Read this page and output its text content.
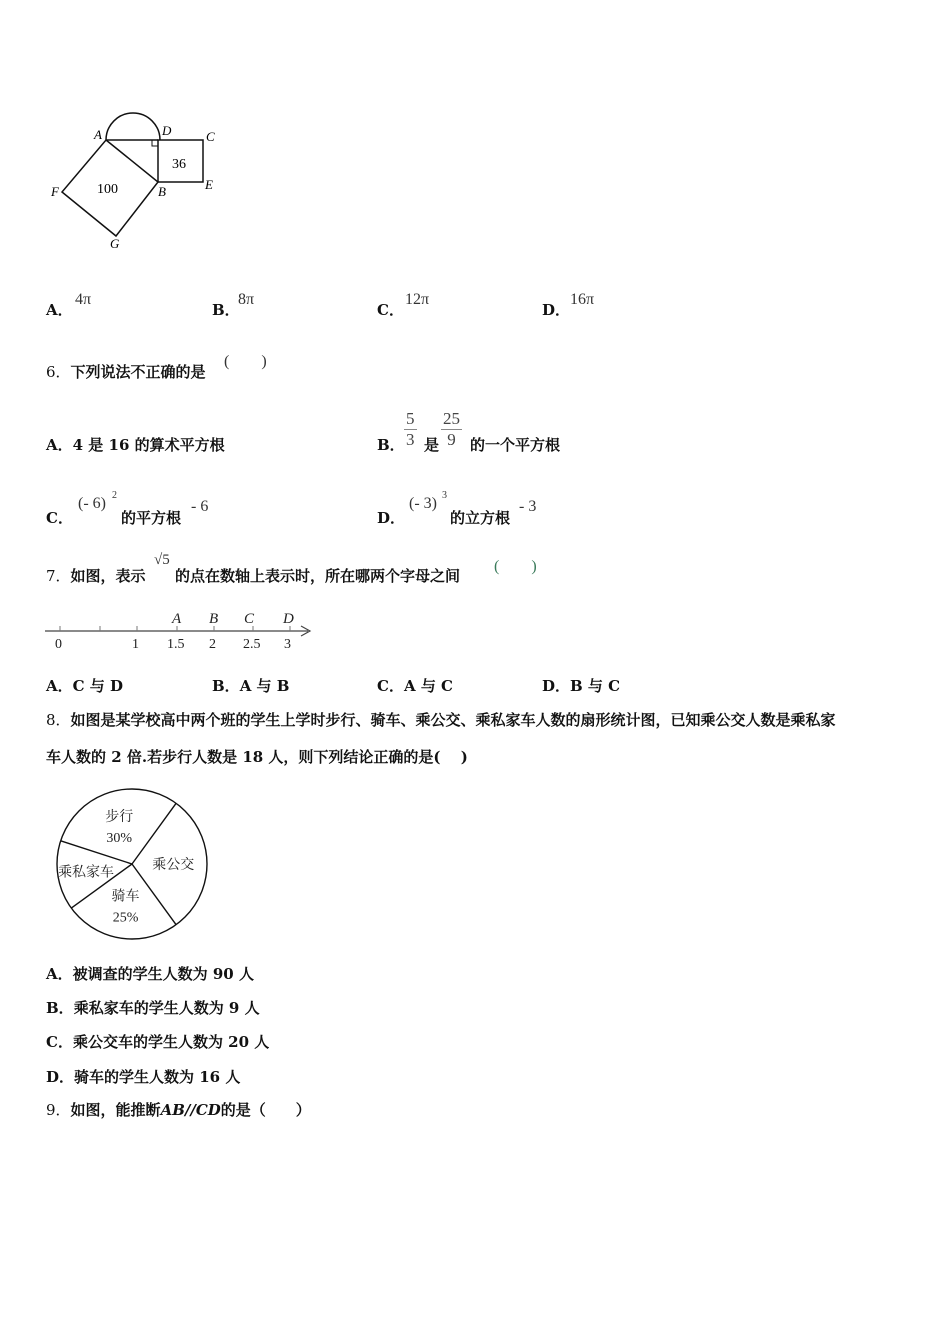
A	D	C
F	B	E
G
100
36
A．
4π
B．
8π
C．
12π
D．
16π
6．下列说法不正确的是
(　　)
A．4 是 16 的算术平方根	B． $\frac{5}{3}$ 是 $\frac{25}{9}$ 的一个平方根
C．
(- 6) 2
的平方根
- 6
D．
(- 3) 3
的立方根
- 3
7．如图，表示
√5
的点在数轴上表示时，所在哪两个字母之间
(　　)
0	1 1.5 2 2.5 3
A B C D
A．C 与 D	B．A 与 B	C．A 与 C	D．B 与 C
8．如图是某学校高中两个班的学生上学时步行、骑车、乘公交、乘私家车人数的扇形统计图，已知乘公交人数是乘私家
车人数的 2 倍.若步行人数是 18 人，则下列结论正确的是(　 )
步行
30%
乘公交
骑车
25%
乘私家车
A．被调查的学生人数为 90 人
B．乘私家车的学生人数为 9 人
C．乘公交车的学生人数为 20 人
D．骑车的学生人数为 16 人
9．如图，能推断AB//CD的是（　　）
